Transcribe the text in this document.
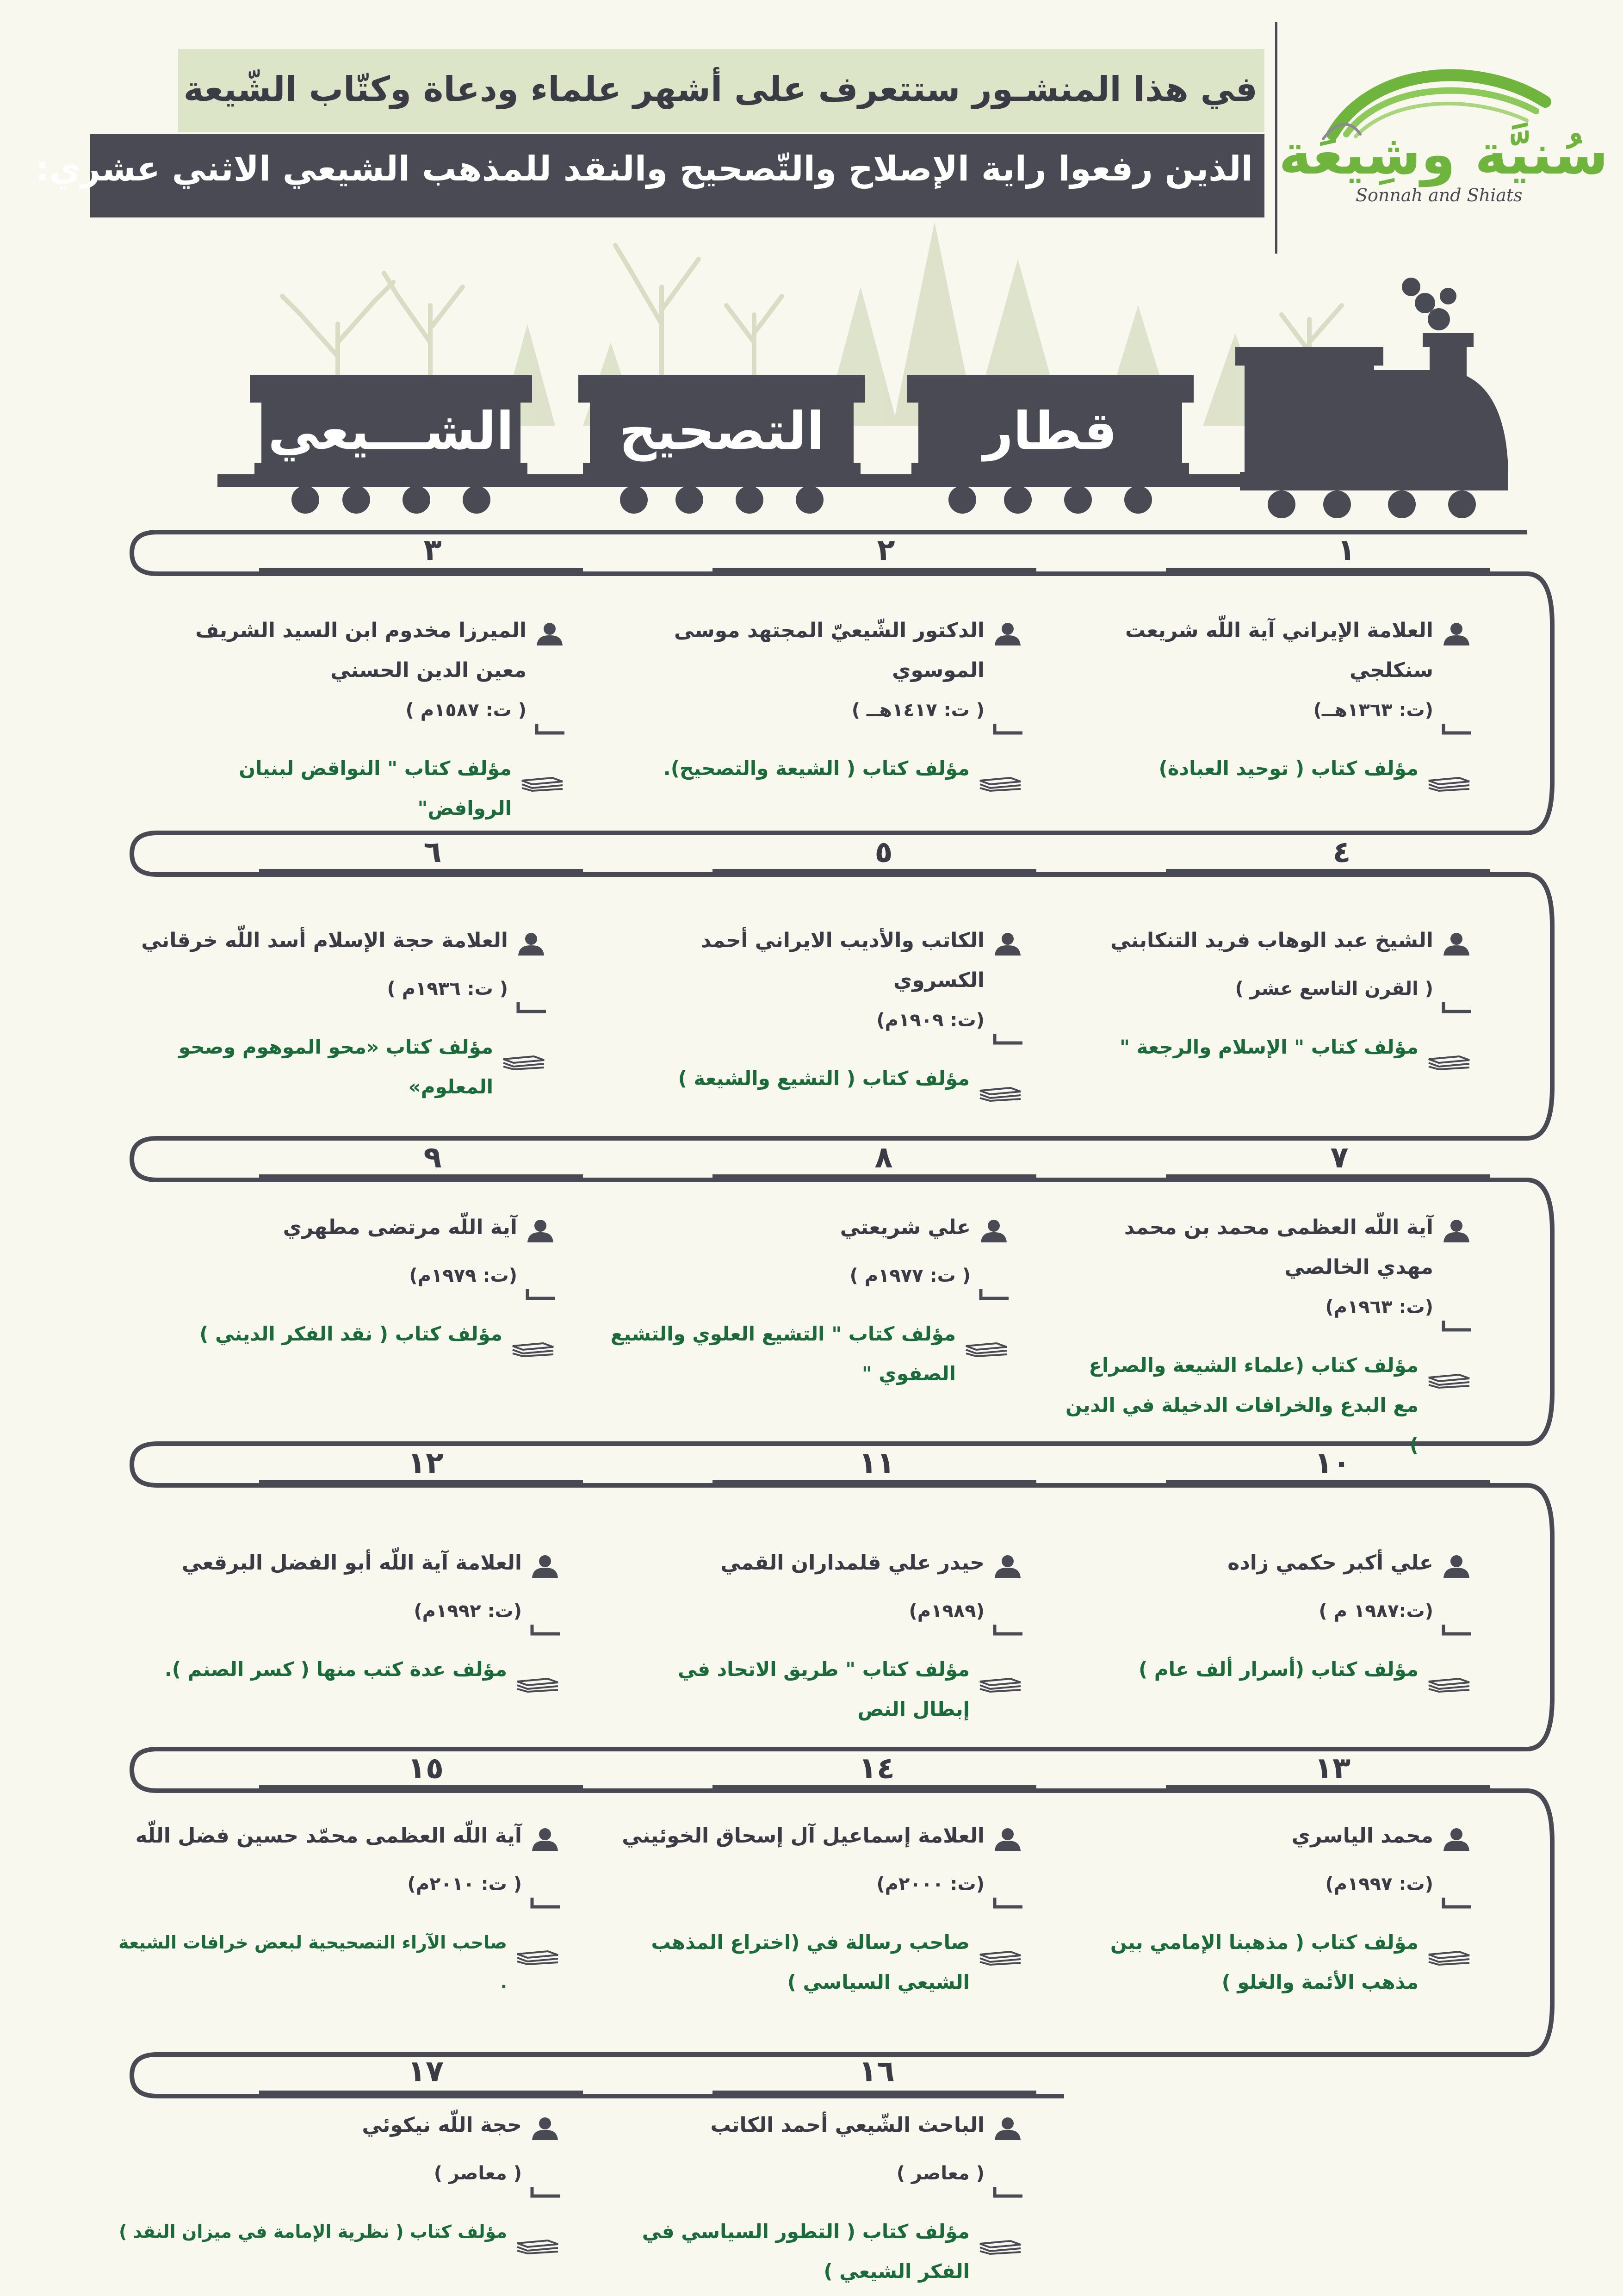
في هذا المنشـور ستتعرف على أشهر علماء ودعاة وكتّاب الشّيعة
الذين رفعوا راية الإصلاح والتّصحيح والنقد للمذهب الشيعي الاثني عشري: سُنيَّة وشِيعَة
Sonnah and Shiats
قطار
التصحيح
الشـــيعي
١
٢
٣
٤
٥
٦
٧
٨
٩
١٠
١١
١٢
١٣
١٤
١٥
١٦
١٧
العلامة الإيراني آية اللّه شريعت سنكلجي
(ت: ١٣٦٣هــ)
مؤلف كتاب ( توحيد العبادة)
الدكتور الشّيعيّ المجتهد موسى الموسوي
( ت: ١٤١٧هــ )
مؤلف كتاب ( الشيعة والتصحيح).
الميرزا مخدوم ابن السيد الشريف معين الدين الحسني
( ت: ١٥٨٧م )
مؤلف كتاب " النواقض لبنيان الروافض"
الشيخ عبد الوهاب فريد التنكابني
( القرن التاسع عشر )
مؤلف كتاب " الإسلام والرجعة "
الكاتب والأديب الايراني أحمد الكسروي
(ت: ١٩٠٩م)
مؤلف كتاب ( التشيع والشيعة )
العلامة حجة الإسلام أسد اللّه خرقاني
( ت: ١٩٣٦م )
مؤلف كتاب «محو الموهوم وصحو المعلوم»
آية اللّه العظمى محمد بن محمد مهدي الخالصي
(ت: ١٩٦٣م)
مؤلف كتاب (علماء الشيعة والصراع مع البدع والخرافات الدخيلة في الدين )
علي شريعتي
( ت: ١٩٧٧م )
مؤلف كتاب " التشيع العلوي والتشيع الصفوي "
آية اللّه مرتضى مطهري
(ت: ١٩٧٩م)
مؤلف كتاب ( نقد الفكر الديني )
علي أكبر حكمي زاده
(ت:١٩٨٧ م )
مؤلف كتاب (أسرار ألف عام )
حيدر علي قلمداران القمي
(١٩٨٩م)
مؤلف كتاب " طريق الاتحاد في إبطال النص
العلامة آية اللّه أبو الفضل البرقعي
(ت: ١٩٩٢م)
مؤلف عدة كتب منها ( كسر الصنم ).
محمد الياسري
(ت: ١٩٩٧م)
مؤلف كتاب ( مذهبنا الإمامي بين مذهب الأئمة والغلو )
العلامة إسماعيل آل إسحاق الخوئيني
(ت: ٢٠٠٠م)
صاحب رسالة في (اختراع المذهب الشيعي السياسي )
آية اللّه العظمى محمّد حسين فضل اللّه
( ت: ٢٠١٠م)
صاحب الآراء التصحيحية لبعض خرافات الشيعة .
الباحث الشّيعي أحمد الكاتب
( معاصر )
مؤلف كتاب ( التطور السياسي في الفكر الشيعي )
حجة اللّه نيكوئي
( معاصر )
مؤلف كتاب ( نظرية الإمامة في ميزان النقد )
